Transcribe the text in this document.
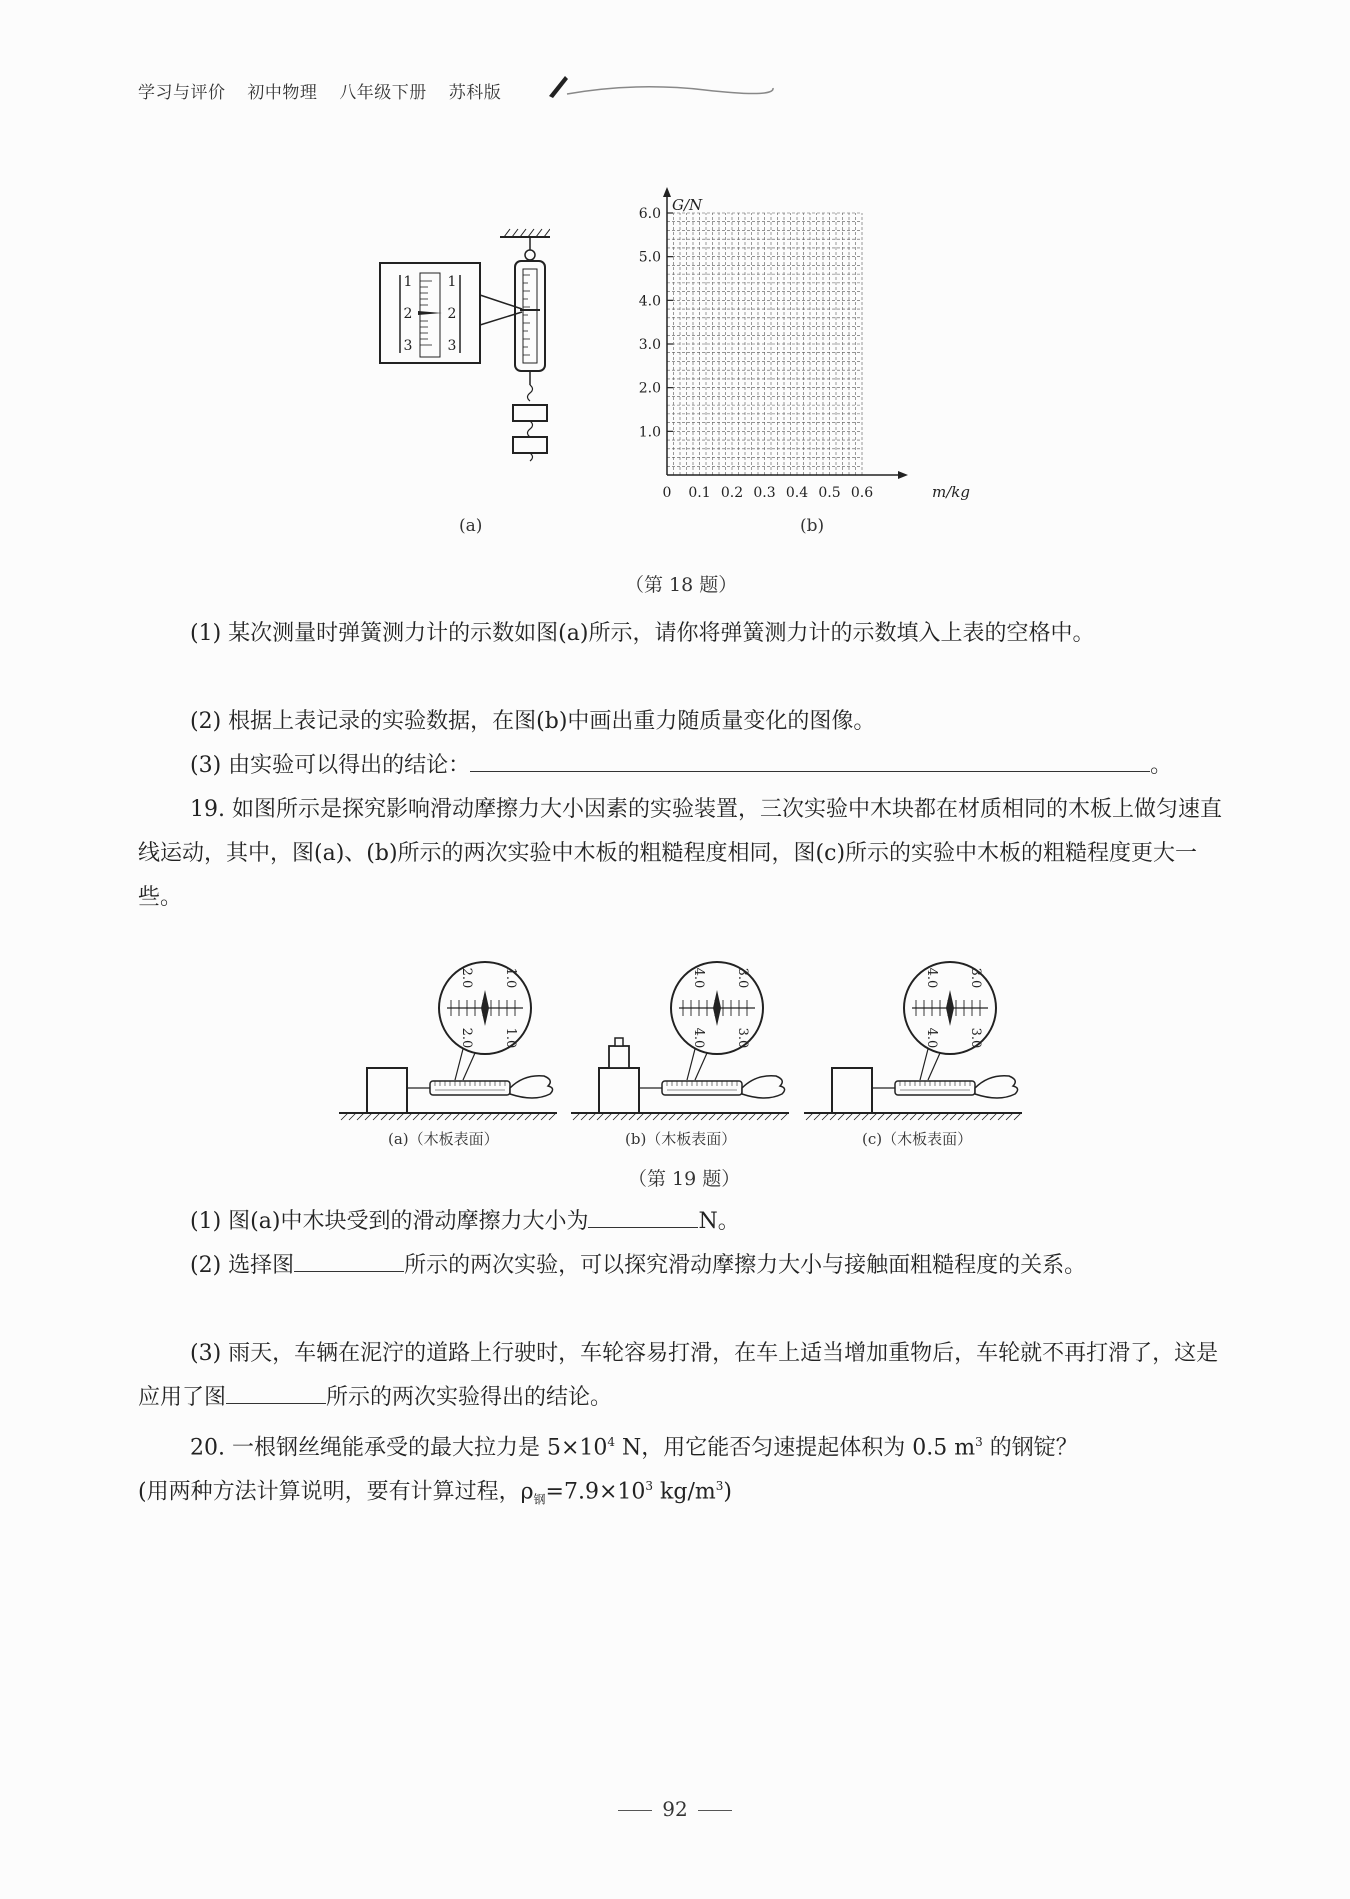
学习与评价 初中物理 八年级下册 苏科版
1
2
3
1
2
3
(a)
1.0
2.0
3.0
4.0
5.0
6.0
0 0.1 0.2 0.3 0.4 0.5 0.6
G/N
m/kg
(b)
（第 18 题）
(1) 某次测量时弹簧测力计的示数如图(a)所示，请你将弹簧测力计的示数填入上表的空格中。
(2) 根据上表记录的实验数据，在图(b)中画出重力随质量变化的图像。
(3) 由实验可以得出的结论：	。
19. 如图所示是探究影响滑动摩擦力大小因素的实验装置，三次实验中木块都在材质相同的木板上做匀速直线运动，其中，图(a)、(b)所示的两次实验中木板的粗糙程度相同，图(c)所示的实验中木板的粗糙程度更大一些。
2.0 1.0
2.0 1.0
4.0 3.0
4.0 3.0
4.0 3.0
4.0 3.0
(a)（木板表面）	(b)（木板表面）	(c)（木板表面）
（第 19 题）
(1) 图(a)中木块受到的滑动摩擦力大小为	N。
(2) 选择图	所示的两次实验，可以探究滑动摩擦力大小与接触面粗糙程度的关系。
(3) 雨天，车辆在泥泞的道路上行驶时，车轮容易打滑，在车上适当增加重物后，车轮就不再打滑了，这是应用了图	所示的两次实验得出的结论。
20. 一根钢丝绳能承受的最大拉力是 $5\times 10^4$ N，用它能否匀速提起体积为 0.5 $m^3$ 的钢锭？
(用两种方法计算说明，要有计算过程，$\rho_钢=7.9\times 10^3$ $kg/m^3$)
92
